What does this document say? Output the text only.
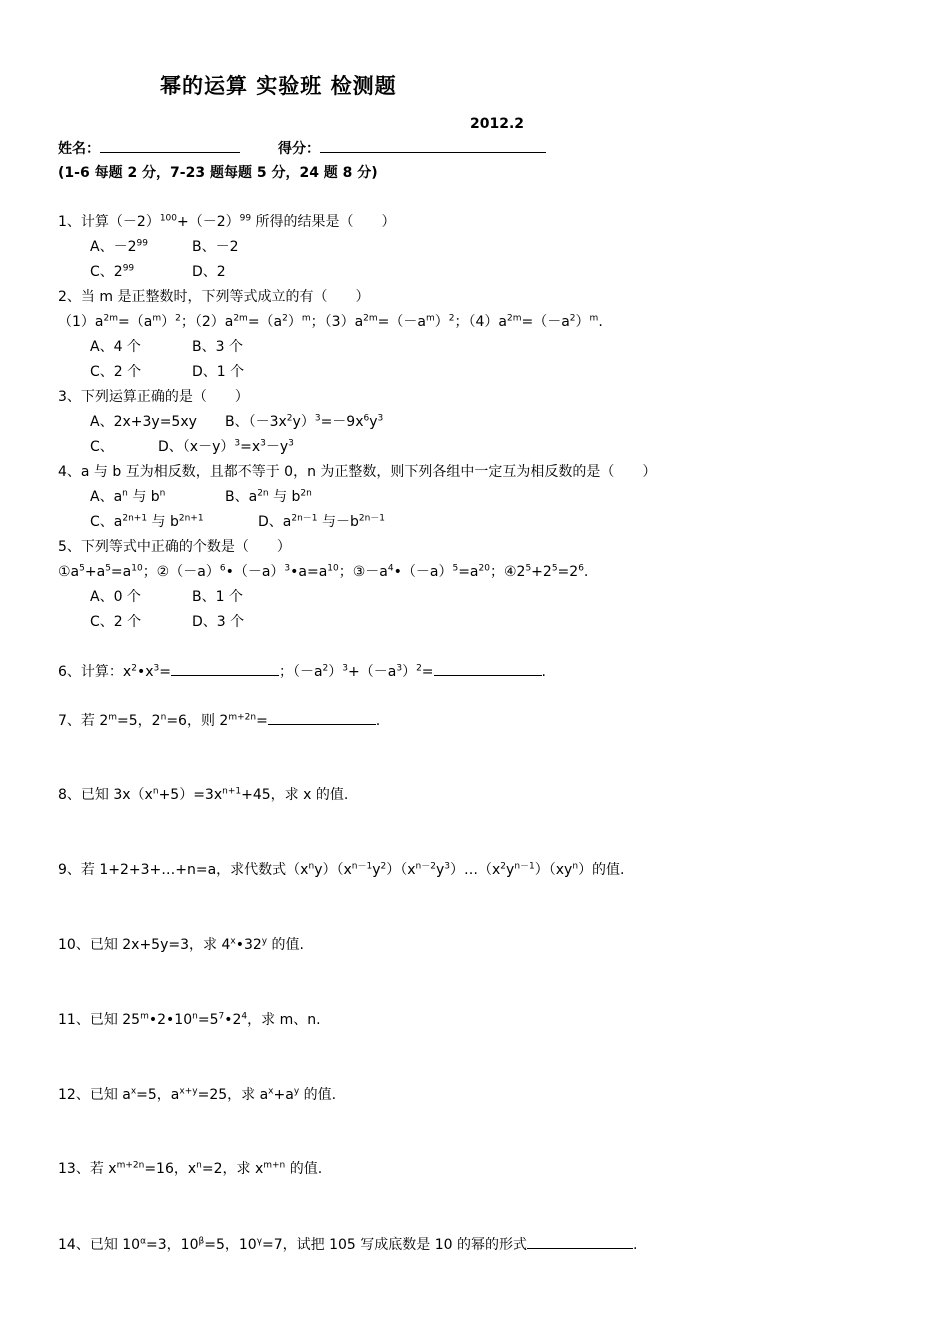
幂的运算 实验班 检测题
2012.2
姓名：	得分：
(1-6 每题 2 分，7-23 题每题 5 分，24 题 8 分)
1、计算$(-2)^{100}+(-2)^{99}$ 所得的结果是（　　）
A、$-2^{99}$	B、－2
C、$2^{99}$	D、2
2、当 m 是正整数时，下列等式成立的有（　　）
$(1)a^{2m}=(a^m)^2$；$(2)a^{2m}=(a^2)^m$；$(3)a^{2m}=(-a^m)^2$；$(4)a^{2m}=(-a^2)^m$.
A、4 个	B、3 个
C、2 个	D、1 个
3、下列运算正确的是（　　）
A、2x+3y=5xy B、$(-3x^2y)^3=-9x^6y^3$
C、	D、$(x-y)^3=x^3-y^3$
4、a 与 b 互为相反数，且都不等于 0，n 为正整数，则下列各组中一定互为相反数的是（　　）
A、$a^n$ 与 $b^n$	B、$a^{2n}$ 与 $b^{2n}$
C、$a^{2n+1}$ 与 $b^{2n+1}$	D、$a^{2n-1}$ 与$-b^{2n-1}$
5、下列等式中正确的个数是（　　）
$①a^5+a^5=a^{10}$；$②(-a)^6•(-a)^3•a=a^{10}$；$③-a^4•(-a)^5=a^{20}$；$④2^5+2^5=2^6$.
A、0 个	B、1 个
C、2 个	D、3 个
6、计算：$x^2•x^3=$	；$(-a^2)^3+(-a^3)^2=$	.
7、若 $2^m=5$，$2^n=6$，则 $2^{m+2n}=$	.
8、已知 $3x(x^n+5)=3x^{n+1}+45$，求 x 的值.
9、若 1+2+3+…+n=a，求代数式$(x^ny)(x^{n-1}y^2)(x^{n-2}y^3)\dots(x^2y^{n-1})(xy^n)$的值.
10、已知 2x+5y=3，求 4$^x$•32$^y$ 的值.
11、已知 $25^m•2•10^n=5^7•2^4$，求 m、n.
12、已知 $a^x=5$，$a^{x+y}=25$，求 $a^x+a^y$ 的值.
13、若 $x^{m+2n}=16$，$x^n=2$，求 $x^{m+n}$ 的值.
14、已知 $10^\alpha=3$，$10^\beta=5$，$10^\gamma=7$，试把 105 写成底数是 10 的幂的形式	.
